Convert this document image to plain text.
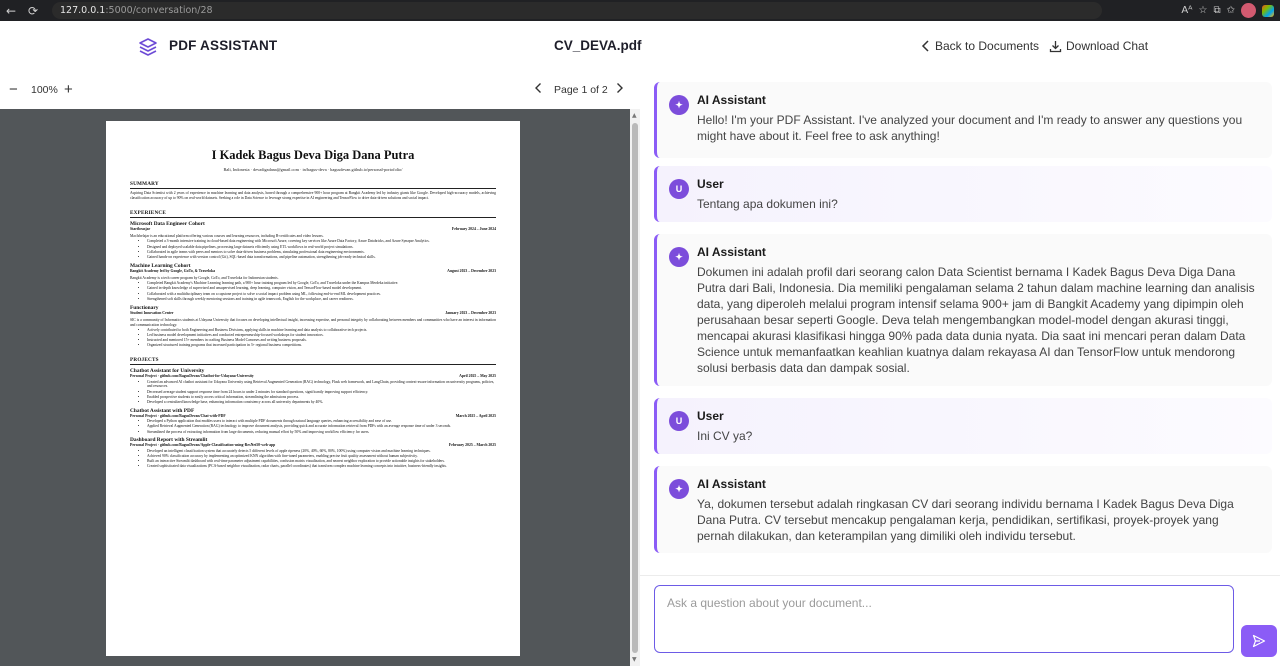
← ⟳	127.0.0.1 :5000/conversation/28	Aᴬ ☆ ⧉ ✩
PDF ASSISTANT	CV_DEVA.pdf	Back to Documents Download Chat
− 100% +	Page 1 of 2
I Kadek Bagus Deva Diga Dana Putra
Bali, Indonesia · devadigadana@gmail.com · in/bagus-deva · bagusdevan.github.io/personal-portofolio/
SUMMARY
Aspiring Data Scientist with 2 years of experience in machine learning and data analysis, honed through a comprehensive 900+ hour program at Bangkit Academy led by industry giants like Google. Developed high-accuracy models, achieving classification accuracy of up to 90% on real-world datasets. Seeking a role in Data Science to leverage strong expertise in AI engineering and TensorFlow to drive data-driven solutions and social impact.
EXPERIENCE
Microsoft Data Engineer Cohort
Startbeasjar	February 2024 – June 2024
MacIsbelajar is an educational platform offering various courses and learning resources, including B-certificates and video lessons.
• Completed a 3-month intensive training in cloud-based data engineering with Microsoft Azure, covering key services like Azure Data Factory, Azure Databricks, and Azure Synapse Analytics.
• Designed and deployed scalable data pipelines, processing large datasets efficiently using ETL workflows in real-world project simulations.
• Collaborated in agile teams with peers and mentors to solve data-driven business problems, simulating professional data engineering environments.
• Gained hands-on experience with version control (Git), SQL-based data transformations, and pipeline automation, strengthening job-ready technical skills.
Machine Learning Cohort
Bangkit Academy led by Google, GoTo, & Traveloka	August 2023 – December 2023
Bangkit Academy is a tech career program by Google, GoTo, and Traveloka for Indonesian students.
• Completed Bangkit Academy's Machine Learning learning path, a 900+ hour training program led by Google, GoTo, and Traveloka under the Kampus Merdeka initiative.
• Gained in-depth knowledge of supervised and unsupervised learning, deep learning, computer vision, and TensorFlow-based model development.
• Collaborated with a multidisciplinary team on a capstone project to solve a social impact problem using ML, following end-to-end ML development practices.
• Strengthened soft skills through weekly mentoring sessions and training in agile teamwork, English for the workplace, and career readiness.
Functionary
Student Innovation Center	January 2023 – December 2023
SIC is a community of Informatics students at Udayana University that focuses on developing intellectual insight, increasing expertise, and personal integrity by collaborating between members and communities who have an interest in information and communication technology.
• Actively contributed to both Engineering and Business Divisions, applying skills in machine learning and data analysis to collaborative tech projects.
• Led business model development initiatives and conducted entrepreneurship-focused workshops for student innovators.
• Instructed and mentored 15+ members in crafting Business Model Canvases and writing business proposals.
• Organized structured training programs that increased participation in 3+ regional business competitions.
PROJECTS
Chatbot Assistant for University
Personal Project · github.com/BagusDevan/Chatbot-for-Udayana-University	April 2025 – May 2025
• Created an advanced AI chatbot assistant for Udayana University using Retrieval Augmented Generation (RAG) technology, Flask web framework, and LangChain, providing context-aware information on university programs, policies, and resources.
• Decreased average student support response time from 24 hours to under 2 minutes for standard questions, significantly improving support efficiency.
• Enabled prospective students to easily access critical information, streamlining the admissions process.
• Developed a centralized knowledge base, enhancing information consistency across all university departments by 40%.
Chatbot Assistant with PDF
Personal Project · github.com/BagusDevan/Chat-with-PDF	March 2025 – April 2025
• Developed a Python application that enables users to interact with multiple PDF documents through natural language queries, enhancing accessibility and ease of use.
• Applied Retrieval Augmented Generation (RAG) technology to improve document analysis, providing quick and accurate information retrieval from PDFs with an average response time of under 3 seconds.
• Streamlined the process of extracting information from large documents, reducing manual effort by 50% and improving workflow efficiency for users.
Dashboard Report with Streamlit
Personal Project · github.com/BagusDevan/Apple-Classification-using-ResNet50-web-app	February 2025 – March 2025
• Developed an intelligent classification system that accurately detects 5 different levels of apple ripeness (20%, 40%, 60%, 80%, 100%) using computer vision and machine learning techniques.
• Achieved 90% classification accuracy by implementing an optimized KNN algorithm with fine-tuned parameters, enabling precise fruit quality assessment without human subjectivity.
• Built an interactive Streamlit dashboard with real-time parameter adjustment capabilities, confusion matrix visualization, and nearest neighbor exploration to provide actionable insights for stakeholders.
• Created sophisticated data visualizations (PCA-based neighbor visualization, radar charts, parallel coordinates) that transform complex machine learning concepts into intuitive, business-friendly insights.
▲
▼
✦	AI Assistant
Hello! I'm your PDF Assistant. I've analyzed your document and I'm ready to answer any questions you might have about it. Feel free to ask anything!
U	User
Tentang apa dokumen ini?
✦	AI Assistant
Dokumen ini adalah profil dari seorang calon Data Scientist bernama I Kadek Bagus Deva Diga Dana Putra dari Bali, Indonesia. Dia memiliki pengalaman selama 2 tahun dalam machine learning dan analisis data, yang diperoleh melalui program intensif selama 900+ jam di Bangkit Academy yang dipimpin oleh perusahaan besar seperti Google. Deva telah mengembangkan model-model dengan akurasi tinggi, mencapai akurasi klasifikasi hingga 90% pada data dunia nyata. Dia saat ini mencari peran dalam Data Science untuk memanfaatkan keahlian kuatnya dalam rekayasa AI dan TensorFlow untuk mendorong solusi berbasis data dan dampak sosial.
U	User
Ini CV ya?
✦	AI Assistant
Ya, dokumen tersebut adalah ringkasan CV dari seorang individu bernama I Kadek Bagus Deva Diga Dana Putra. CV tersebut mencakup pengalaman kerja, pendidikan, sertifikasi, proyek-proyek yang pernah dilakukan, dan keterampilan yang dimiliki oleh individu tersebut.
Ask a question about your document...
